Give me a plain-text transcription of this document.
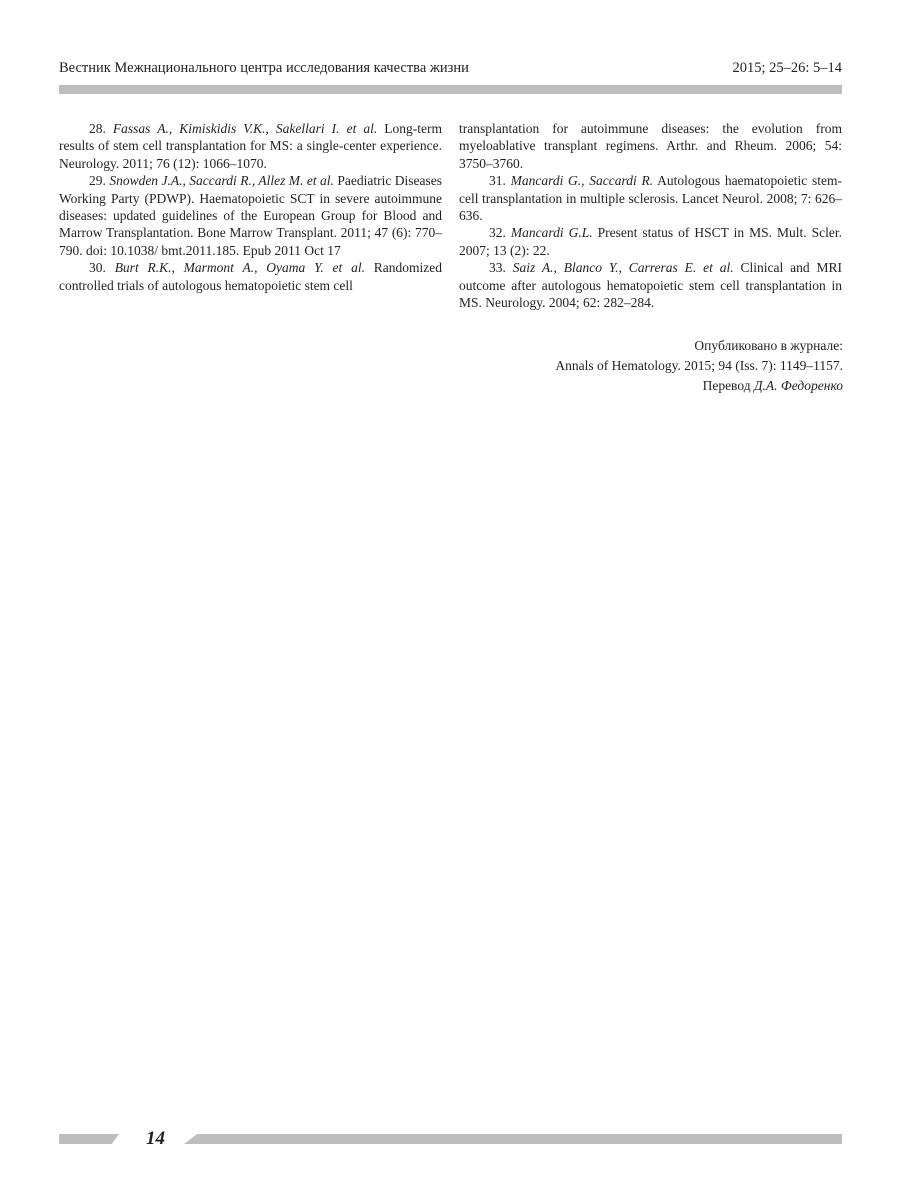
Вестник Межнационального центра исследования качества жизни	2015; 25–26: 5–14

28. Fassas A., Kimiskidis V.K., Sakellari I. et al. Long-term results of stem cell transplantation for MS: a single-center experience. Neurology. 2011; 76 (12): 1066–1070.

29. Snowden J.A., Saccardi R., Allez M. et al. Paediatric Diseases Working Party (PDWP). Haematopoietic SCT in severe autoimmune diseases: updated guidelines of the European Group for Blood and Marrow Transplantation. Bone Marrow Transplant. 2011; 47 (6): 770–790. doi: 10.1038/ bmt.2011.185. Epub 2011 Oct 17

30. Burt R.K., Marmont A., Oyama Y. et al. Randomized controlled trials of autologous hematopoietic stem cell

transplantation for autoimmune diseases: the evolution from myeloablative transplant regimens. Arthr. and Rheum. 2006; 54: 3750–3760.

31. Mancardi G., Saccardi R. Autologous haematopoietic stem-cell transplantation in multiple sclerosis. Lancet Neurol. 2008; 7: 626–636.

32. Mancardi G.L. Present status of HSCT in MS. Mult. Scler. 2007; 13 (2): 22.

33. Saiz A., Blanco Y., Carreras E. et al. Clinical and MRI outcome after autologous hematopoietic stem cell transplantation in MS. Neurology. 2004; 62: 282–284.

Опубликовано в журнале:

Annals of Hematology. 2015; 94 (Iss. 7): 1149–1157.

Перевод Д.А. Федоренко

14
